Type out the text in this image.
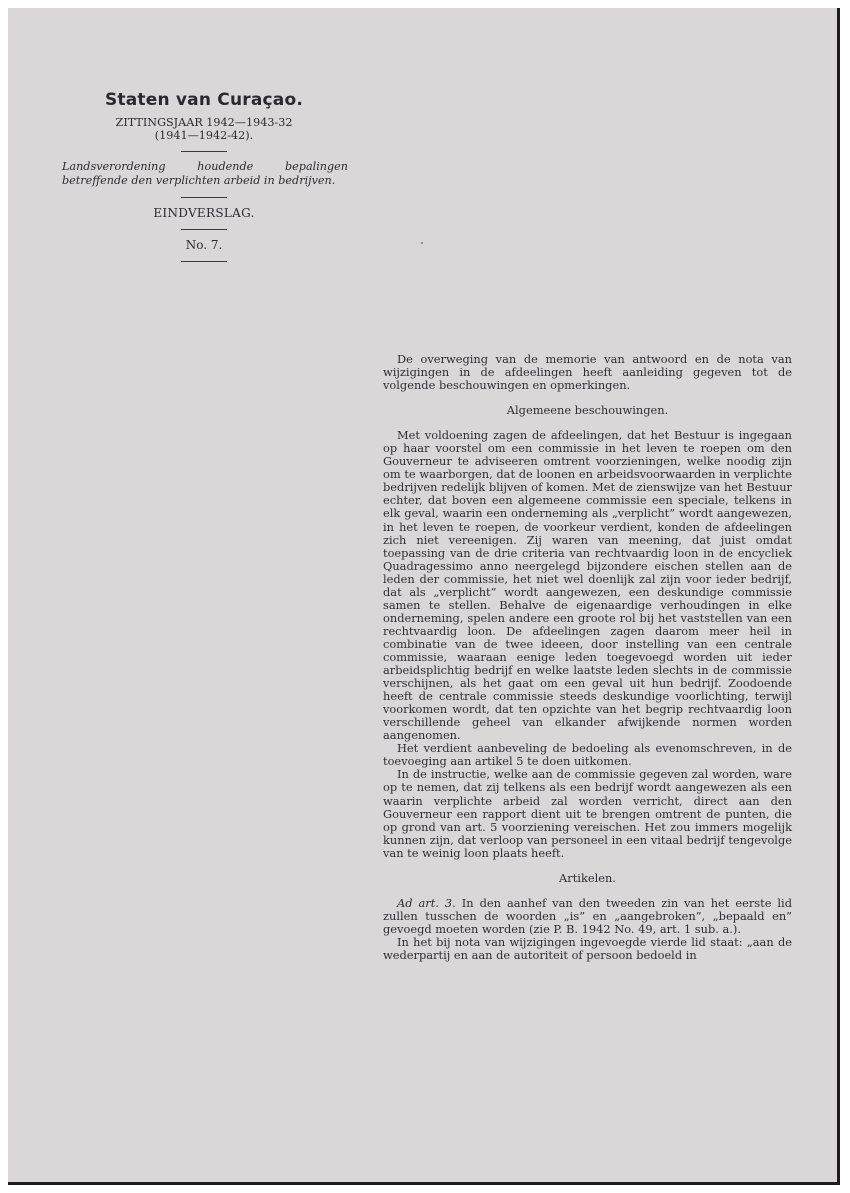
Staten van Curaçao.

ZITTINGSJAAR 1942—1943-32

(1941—1942-42).

Landsverordening houdende bepalingen betreffende den verplichten arbeid in bedrijven.

EINDVERSLAG.

No. 7.

De overweging van de memorie van antwoord en de nota van wijzigingen in de afdeelingen heeft aanleiding gegeven tot de volgende beschouwingen en opmerkingen.

Algemeene beschouwingen.

Met voldoening zagen de afdeelingen, dat het Bestuur is ingegaan op haar voorstel om een commissie in het leven te roepen om den Gouverneur te adviseeren omtrent voorzieningen, welke noodig zijn om te waarborgen, dat de loonen en arbeidsvoorwaarden in verplichte bedrijven redelijk blijven of komen. Met de zienswijze van het Bestuur echter, dat boven een algemeene commissie een speciale, telkens in elk geval, waarin een onderneming als „verplicht” wordt aangewezen, in het leven te roepen, de voorkeur verdient, konden de afdeelingen zich niet vereenigen. Zij waren van meening, dat juist omdat toepassing van de drie criteria van rechtvaardig loon in de encycliek Quadragessimo anno neergelegd bijzondere eischen stellen aan de leden der commissie, het niet wel doenlijk zal zijn voor ieder bedrijf, dat als „verplicht” wordt aangewezen, een deskundige commissie samen te stellen. Behalve de eigenaardige verhoudingen in elke onderneming, spelen andere een groote rol bij het vaststellen van een rechtvaardig loon. De afdeelingen zagen daarom meer heil in combinatie van de twee ideeen, door instelling van een centrale commissie, waaraan eenige leden toegevoegd worden uit ieder arbeidsplichtig bedrijf en welke laatste leden slechts in de commissie verschijnen, als het gaat om een geval uit hun bedrijf. Zoodoende heeft de centrale commissie steeds deskundige voorlichting, terwijl voorkomen wordt, dat ten opzichte van het begrip rechtvaardig loon verschillende geheel van elkander afwijkende normen worden aangenomen.

Het verdient aanbeveling de bedoeling als evenomschreven, in de toevoeging aan artikel 5 te doen uitkomen.

In de instructie, welke aan de commissie gegeven zal worden, ware op te nemen, dat zij telkens als een bedrijf wordt aangewezen als een waarin verplichte arbeid zal worden verricht, direct aan den Gouverneur een rapport dient uit te brengen omtrent de punten, die op grond van art. 5 voorziening vereischen. Het zou immers mogelijk kunnen zijn, dat verloop van personeel in een vitaal bedrijf tengevolge van te weinig loon plaats heeft.

Artikelen.

Ad art. 3. In den aanhef van den tweeden zin van het eerste lid zullen tusschen de woorden „is” en „aangebroken”, „bepaald en” gevoegd moeten worden (zie P. B. 1942 No. 49, art. 1 sub. a.).

In het bij nota van wijzigingen ingevoegde vierde lid staat: „aan de wederpartij en aan de autoriteit of persoon bedoeld in
